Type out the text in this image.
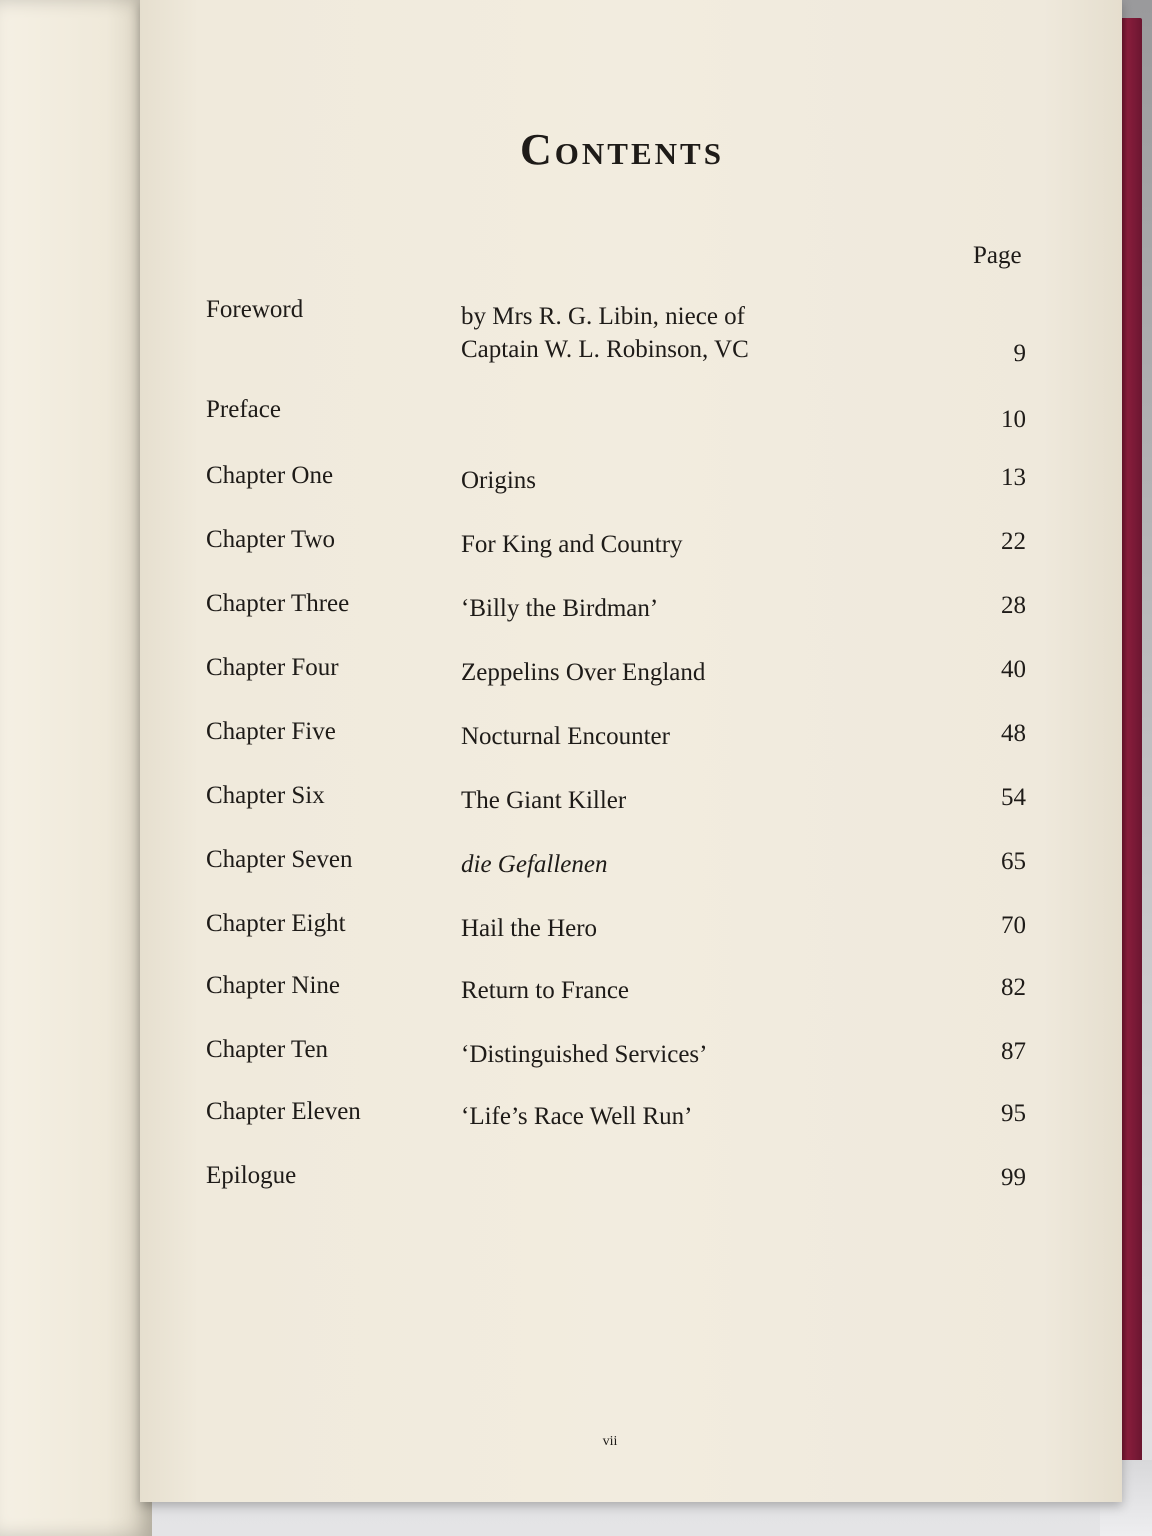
Contents
Page
Foreword	by Mrs R. G. Libin, niece of
Captain W. L. Robinson, VC	9
Preface	10
Chapter One	Origins	13
Chapter Two	For King and Country	22
Chapter Three	‘Billy the Birdman’	28
Chapter Four	Zeppelins Over England	40
Chapter Five	Nocturnal Encounter	48
Chapter Six	The Giant Killer	54
Chapter Seven	die Gefallenen	65
Chapter Eight	Hail the Hero	70
Chapter Nine	Return to France	82
Chapter Ten	‘Distinguished Services’	87
Chapter Eleven	‘Life’s Race Well Run’	95
Epilogue	99
vii
